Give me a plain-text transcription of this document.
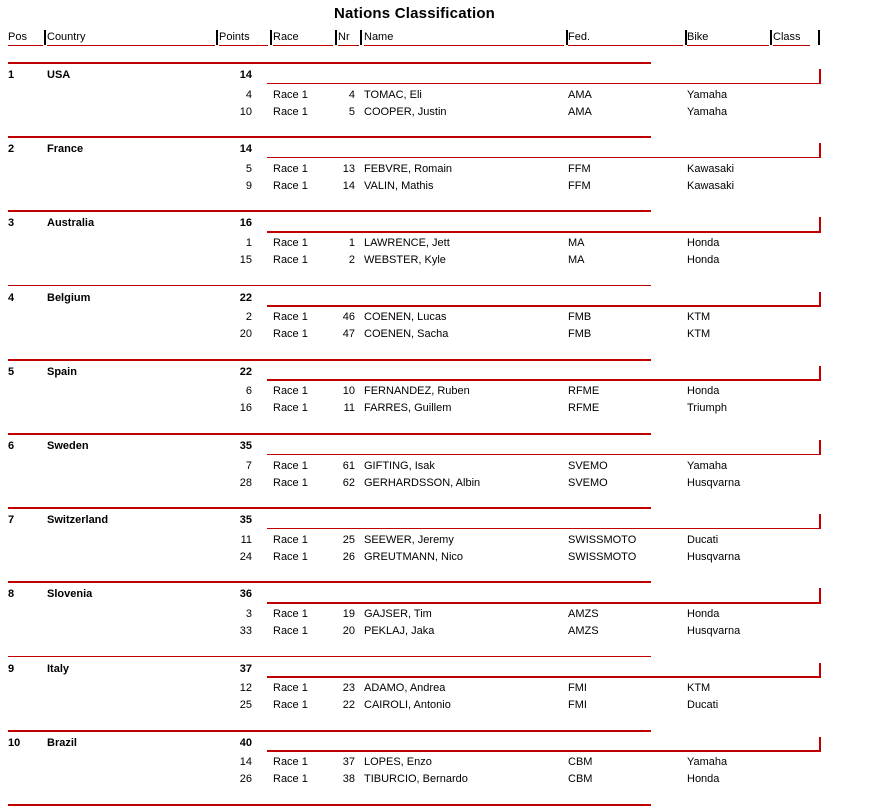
Nations Classification
Pos Country	Points Race	Nr Name	Fed.	Bike	Class
1	USA	14
4 Race 1	4 TOMAC, Eli	AMA	Yamaha
10 Race 1	5 COOPER, Justin	AMA	Yamaha
2	France	14
5 Race 1	13 FEBVRE, Romain	FFM	Kawasaki
9 Race 1	14 VALIN, Mathis	FFM	Kawasaki
3	Australia	16
1 Race 1	1 LAWRENCE, Jett	MA	Honda
15 Race 1	2 WEBSTER, Kyle	MA	Honda
4	Belgium	22
2 Race 1	46 COENEN, Lucas	FMB	KTM
20 Race 1	47 COENEN, Sacha	FMB	KTM
5	Spain	22
6 Race 1	10 FERNANDEZ, Ruben	RFME	Honda
16 Race 1	11 FARRES, Guillem	RFME	Triumph
6	Sweden	35
7 Race 1	61 GIFTING, Isak	SVEMO	Yamaha
28 Race 1	62 GERHARDSSON, Albin	SVEMO	Husqvarna
7	Switzerland	35
11 Race 1	25 SEEWER, Jeremy	SWISSMOTO	Ducati
24 Race 1	26 GREUTMANN, Nico	SWISSMOTO	Husqvarna
8	Slovenia	36
3 Race 1	19 GAJSER, Tim	AMZS	Honda
33 Race 1	20 PEKLAJ, Jaka	AMZS	Husqvarna
9	Italy	37
12 Race 1	23 ADAMO, Andrea	FMI	KTM
25 Race 1	22 CAIROLI, Antonio	FMI	Ducati
10 Brazil	40
14 Race 1	37 LOPES, Enzo	CBM	Yamaha
26 Race 1	38 TIBURCIO, Bernardo	CBM	Honda
